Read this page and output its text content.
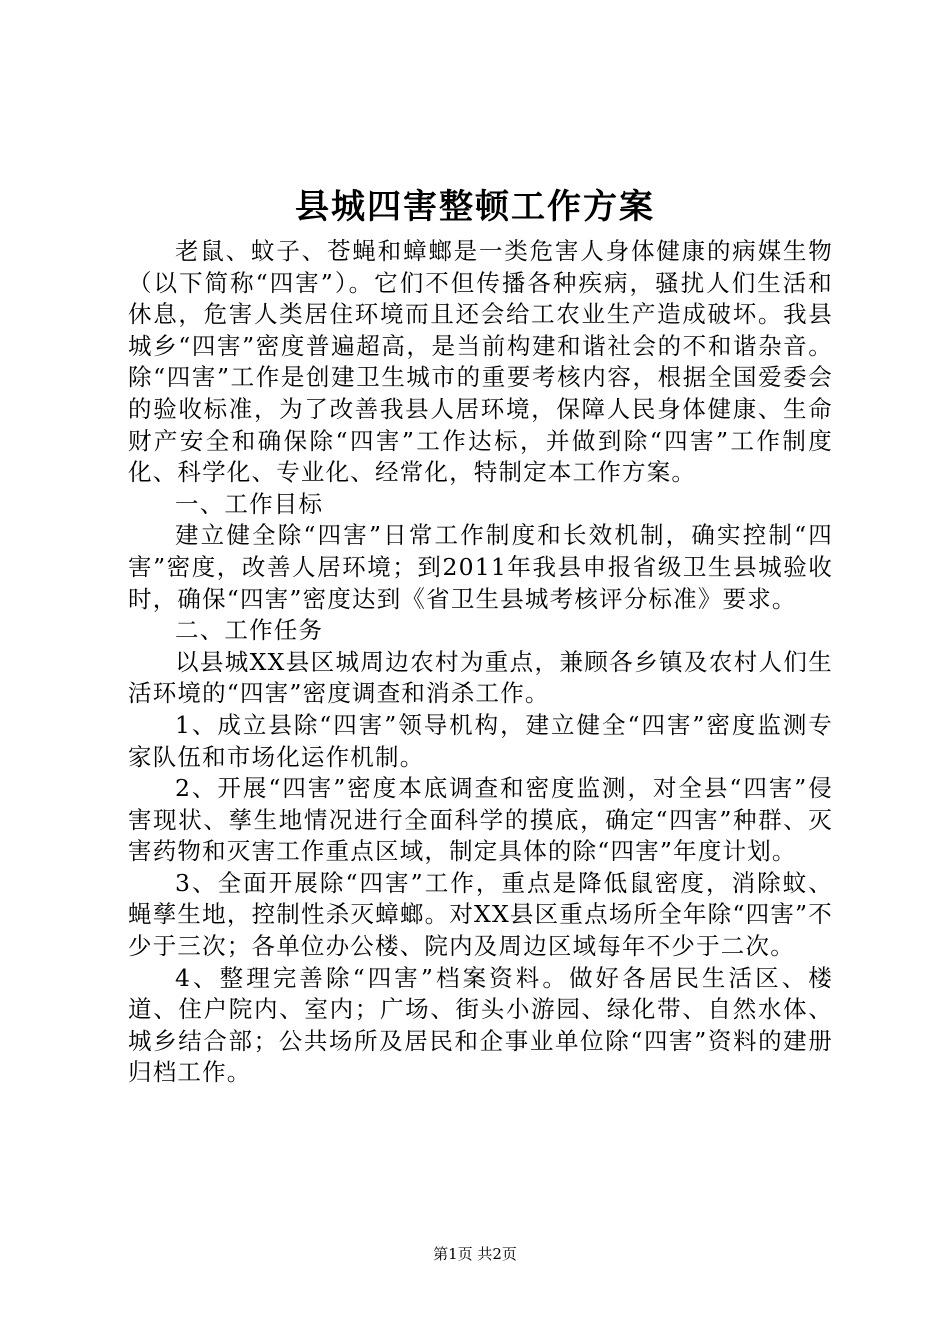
县城四害整顿工作方案

老鼠、蚊子、苍蝇和蟑螂是一类危害人身体健康的病媒生物（以下简称“四害”）。它们不但传播各种疾病，骚扰人们生活和休息，危害人类居住环境而且还会给工农业生产造成破坏。我县城乡“四害”密度普遍超高，是当前构建和谐社会的不和谐杂音。除“四害”工作是创建卫生城市的重要考核内容，根据全国爱委会的验收标准，为了改善我县人居环境，保障人民身体健康、生命财产安全和确保除“四害”工作达标，并做到除“四害”工作制度化、科学化、专业化、经常化，特制定本工作方案。

一、工作目标

建立健全除“四害”日常工作制度和长效机制，确实控制“四害”密度，改善人居环境；到2011年我县申报省级卫生县城验收时，确保“四害”密度达到《省卫生县城考核评分标准》要求。

二、工作任务

以县城XX县区城周边农村为重点，兼顾各乡镇及农村人们生活环境的“四害”密度调查和消杀工作。

1、成立县除“四害”领导机构，建立健全“四害”密度监测专家队伍和市场化运作机制。

2、开展“四害”密度本底调查和密度监测，对全县“四害”侵害现状、孳生地情况进行全面科学的摸底，确定“四害”种群、灭害药物和灭害工作重点区域，制定具体的除“四害”年度计划。

3、全面开展除“四害”工作，重点是降低鼠密度，消除蚊、蝇孳生地，控制性杀灭蟑螂。对XX县区重点场所全年除“四害”不少于三次；各单位办公楼、院内及周边区域每年不少于二次。

4、整理完善除“四害”档案资料。做好各居民生活区、楼道、住户院内、室内；广场、街头小游园、绿化带、自然水体、城乡结合部；公共场所及居民和企事业单位除“四害”资料的建册归档工作。

第1页 共2页
